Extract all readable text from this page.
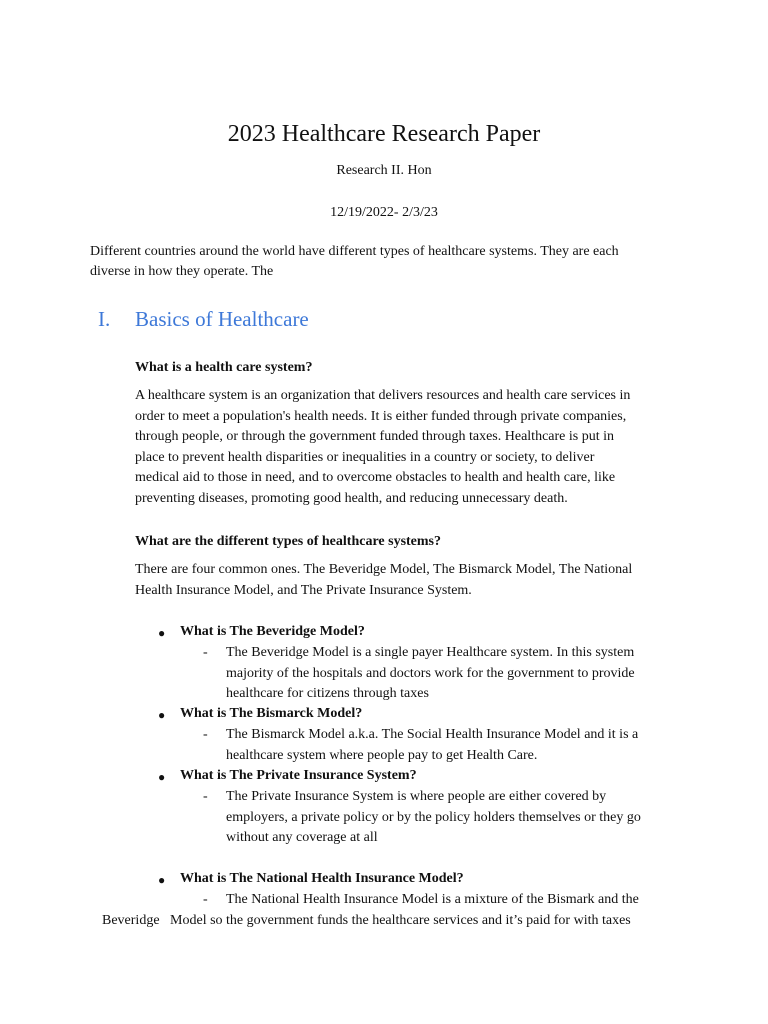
2023 Healthcare Research Paper
Research II. Hon
12/19/2022- 2/3/23
Different countries around the world have different types of healthcare systems. They are each
diverse in how they operate. The
I. Basics of Healthcare
What is a health care system?
A healthcare system is an organization that delivers resources and health care services in
order to meet a population's health needs. It is either funded through private companies,
through people, or through the government funded through taxes. Healthcare is put in
place to prevent health disparities or inequalities in a country or society, to deliver
medical aid to those in need, and to overcome obstacles to health and health care, like
preventing diseases, promoting good health, and reducing unnecessary death.
What are the different types of healthcare systems?
There are four common ones. The Beveridge Model, The Bismarck Model, The National
Health Insurance Model, and The Private Insurance System.
● What is The Beveridge Model?
- The Beveridge Model is a single payer Healthcare system. In this system
majority of the hospitals and doctors work for the government to provide
healthcare for citizens through taxes
● What is The Bismarck Model?
- The Bismarck Model a.k.a. The Social Health Insurance Model and it is a
healthcare system where people pay to get Health Care.
● What is The Private Insurance System?
- The Private Insurance System is where people are either covered by
employers, a private policy or by the policy holders themselves or they go
without any coverage at all
● What is The National Health Insurance Model?
- The National Health Insurance Model is a mixture of the Bismark and the
Beveridge   Model so the government funds the healthcare services and it’s paid for with taxes
